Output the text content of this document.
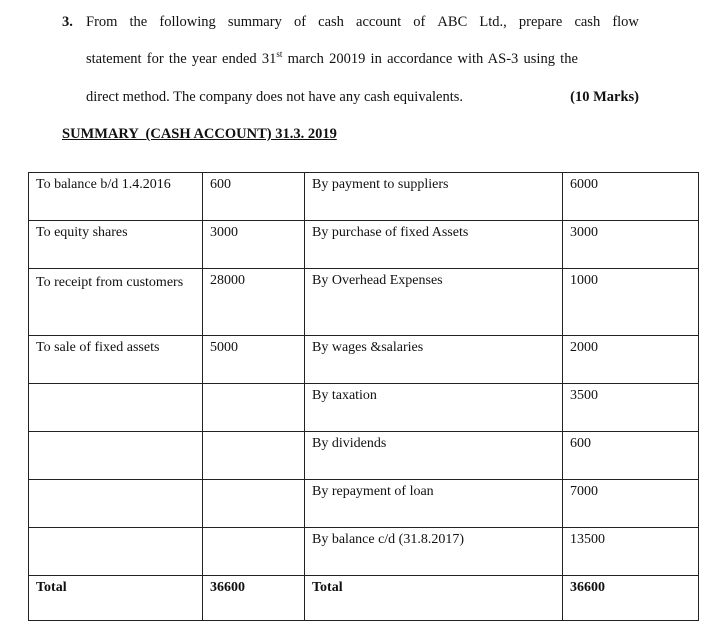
3. From the following summary of cash account of ABC Ltd., prepare cash flow
statement for the year ended 31st march 20019 in accordance with AS-3 using the
direct method. The company does not have any cash equivalents.	(10 Marks)
SUMMARY  (CASH ACCOUNT) 31.3. 2019
To balance b/d 1.4.2016	600	By payment to suppliers	6000
To equity shares	3000	By purchase of fixed Assets	3000

To receipt from customers	28000	By Overhead Expenses	1000
To sale of fixed assets	5000	By wages &salaries	2000
		By taxation	3500
		By dividends	600
		By repayment of loan	7000
		By balance c/d (31.8.2017)	13500
Total	36600	Total	36600
